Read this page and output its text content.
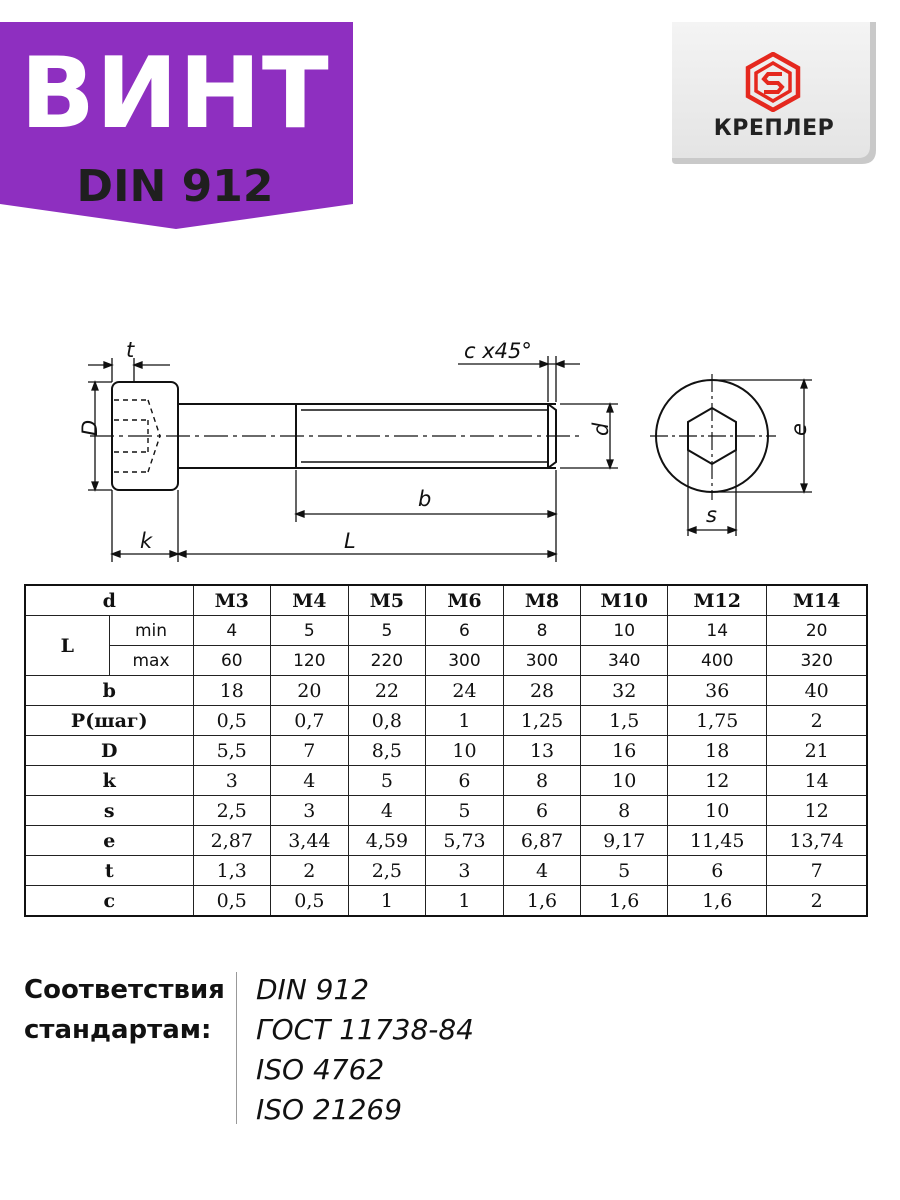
ВИНТ
DIN 912
КРЕПЛЕР
t	c x45°
D	d
b
k	L
e
s
d		M3	M4	M5	M6	M8	M10	M12	M14
L	min	4	5	5	6	8	10	14	20
	max	60	120	220	300	300	340	400	320
b		18	20	22	24	28	32	36	40
P(шаг)		0,5	0,7	0,8	1	1,25	1,5	1,75	2
D		5,5	7	8,5	10	13	16	18	21
k		3	4	5	6	8	10	12	14
s		2,5	3	4	5	6	8	10	12
e		2,87	3,44	4,59	5,73	6,87	9,17	11,45	13,74
t		1,3	2	2,5	3	4	5	6	7
c		0,5	0,5	1	1	1,6	1,6	1,6	2
Соответствия
стандартам:
DIN 912
ГОСТ 11738-84
ISO 4762
ISO 21269
